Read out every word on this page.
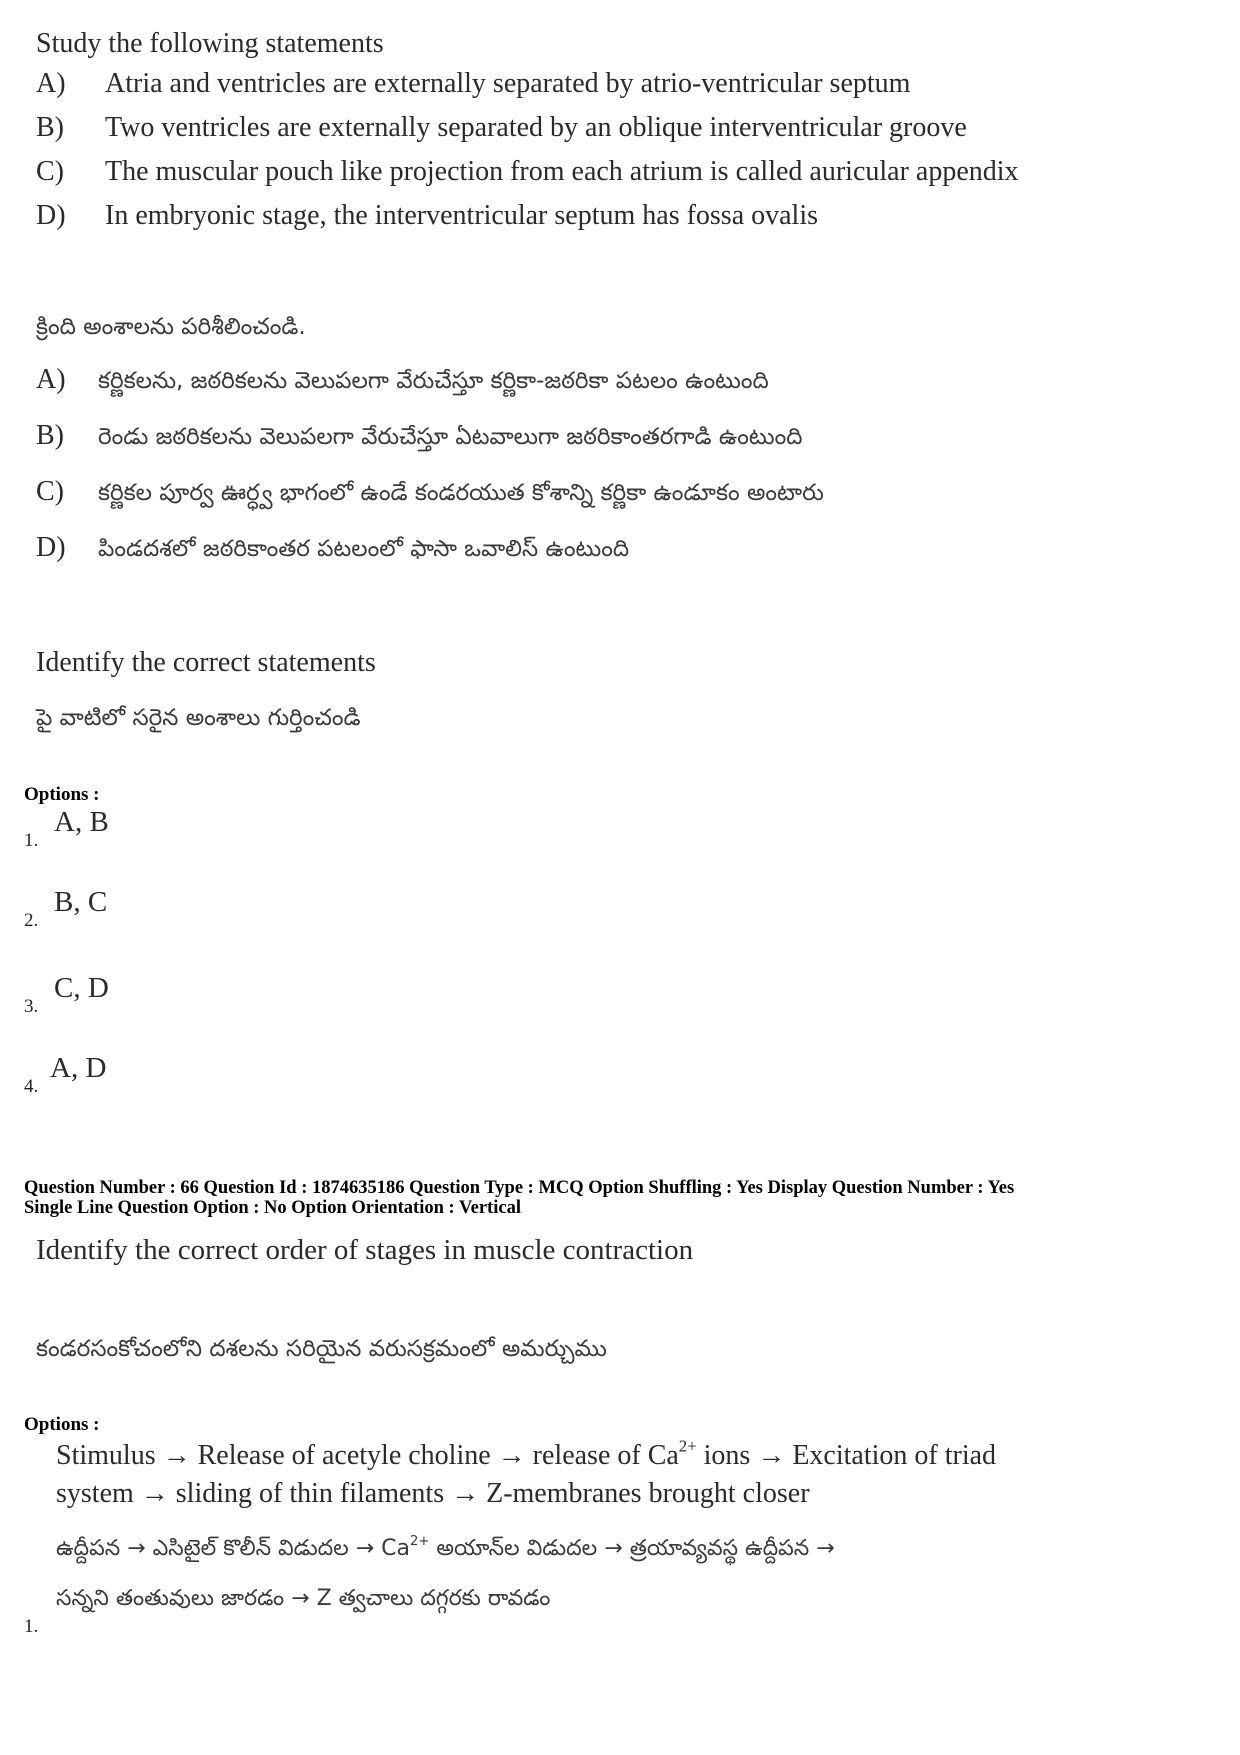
Study the following statements
A) Atria and ventricles are externally separated by atrio-ventricular septum
B) Two ventricles are externally separated by an oblique interventricular groove
C) The muscular pouch like projection from each atrium is called auricular appendix
D) In embryonic stage, the interventricular septum has fossa ovalis
క్రింది అంశాలను పరిశీలించండి.
A) కర్ణికలను, జఠరికలను వెలుపలగా వేరుచేస్తూ కర్ణికా-జఠరికా పటలం ఉంటుంది
B) రెండు జఠరికలను వెలుపలగా వేరుచేస్తూ ఏటవాలుగా జఠరికాంతరగాడి ఉంటుంది
C) కర్ణికల పూర్వ ఊర్ధ్వ భాగంలో ఉండే కండరయుత కోశాన్ని కర్ణికా ఉండూకం అంటారు
D) పిండదశలో జఠరికాంతర పటలంలో ఫాసా ఒవాలిస్ ఉంటుంది
Identify the correct statements
పై వాటిలో సరైన అంశాలు గుర్తించండి
Options :
1.
A, B
2.
B, C
3.
C, D
4.
A, D
Question Number : 66 Question Id : 1874635186 Question Type : MCQ Option Shuffling : Yes Display Question Number : Yes
Single Line Question Option : No Option Orientation : Vertical
Identify the correct order of stages in muscle contraction
కండరసంకోచంలోని దశలను సరియైన వరుసక్రమంలో అమర్చుము
Options :
Stimulus → Release of acetyle choline → release of $Ca^{2+}$ ions → Excitation of triad
system → sliding of thin filaments → Z-membranes brought closer
ఉద్దీపన → ఎసిటైల్ కొలీన్ విడుదల → $Ca^{2+}$ అయాన్‌ల విడుదల → త్రయావ్యవస్థ ఉద్దీపన →
సన్నని తంతువులు జారడం → Z త్వచాలు దగ్గరకు రావడం
1.
